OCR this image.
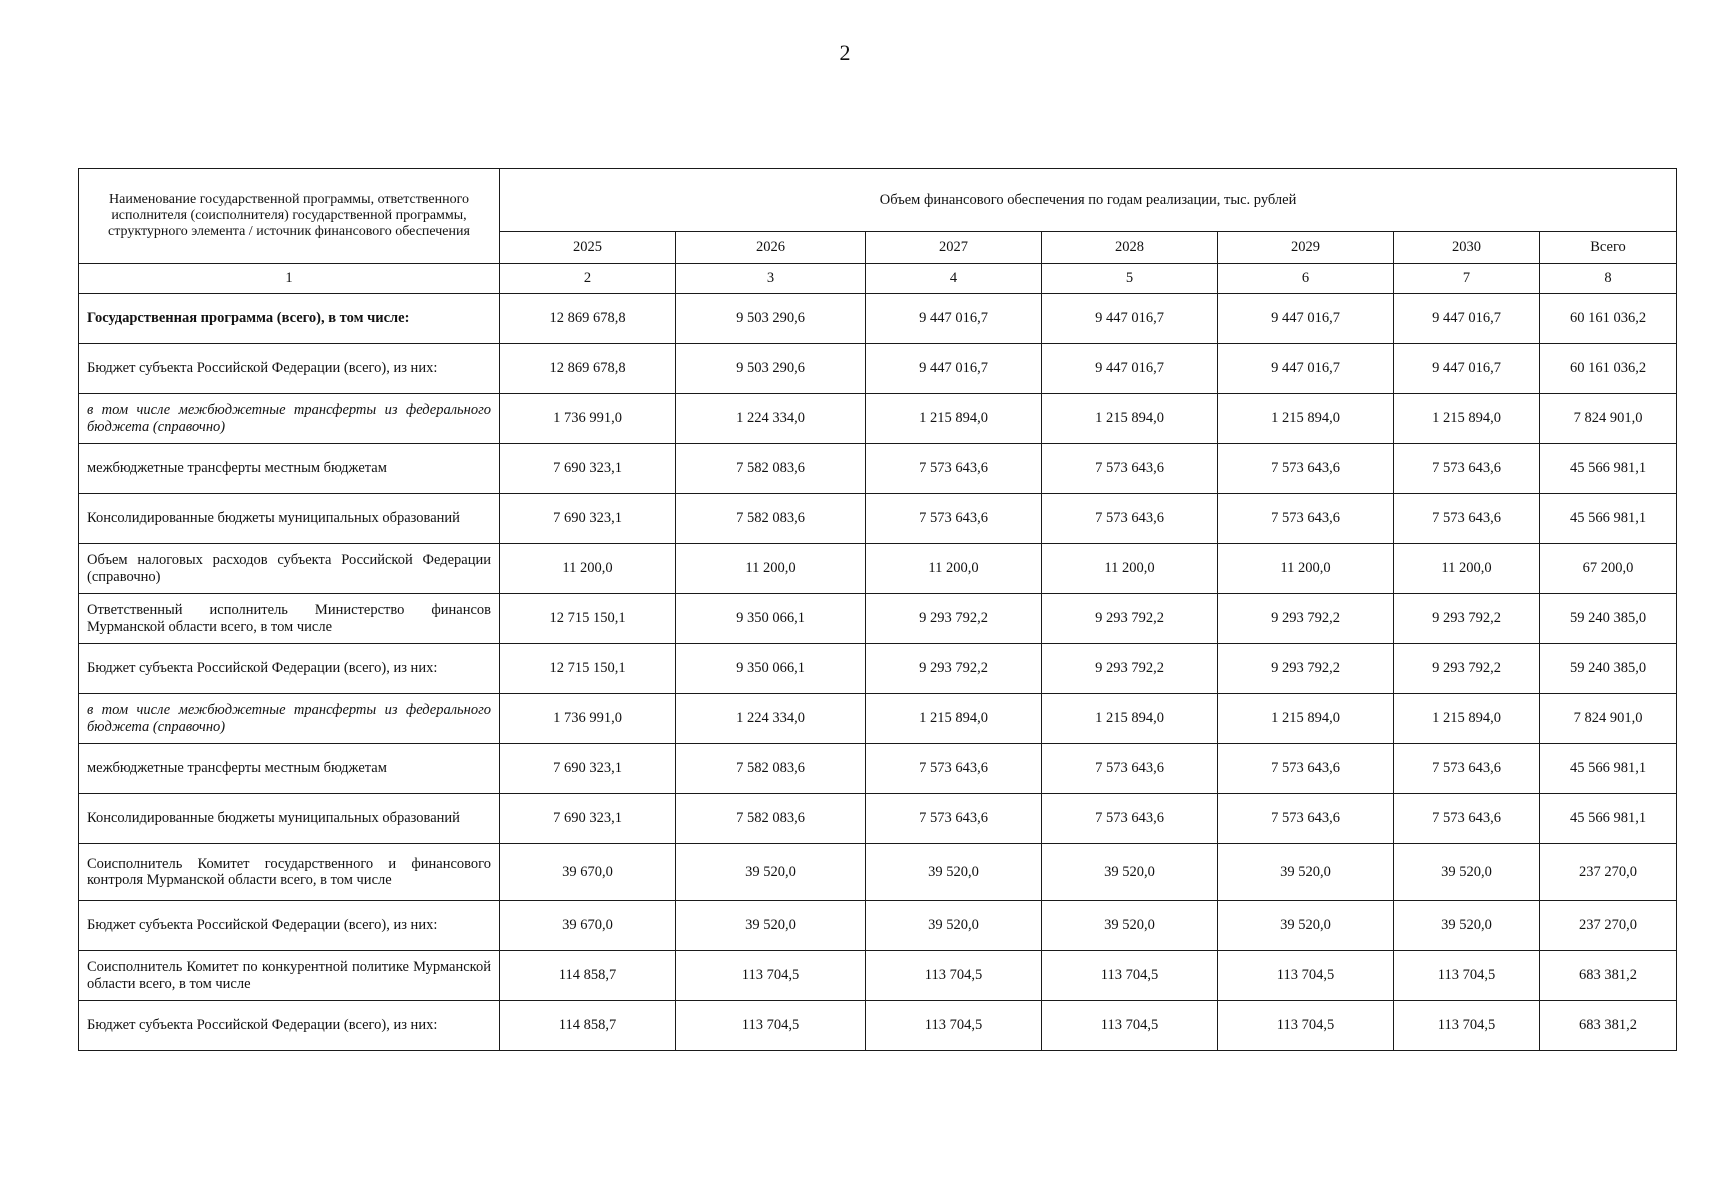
2
Наименование государственной программы, ответственного исполнителя (соисполнителя) государственной программы, структурного элемента / источник финансового обеспечения	Объем финансового обеспечения по годам реализации, тыс. рублей						
	2025	2026	2027	2028	2029	2030	Всего
1	2	3	4	5	6	7	8
Государственная программа (всего), в том числе:	12 869 678,8	9 503 290,6	9 447 016,7	9 447 016,7	9 447 016,7	9 447 016,7	60 161 036,2
Бюджет субъекта Российской Федерации (всего), из них:	12 869 678,8	9 503 290,6	9 447 016,7	9 447 016,7	9 447 016,7	9 447 016,7	60 161 036,2
в том числе межбюджетные трансферты из федерального бюджета (справочно)	1 736 991,0	1 224 334,0	1 215 894,0	1 215 894,0	1 215 894,0	1 215 894,0	7 824 901,0
межбюджетные трансферты местным бюджетам	7 690 323,1	7 582 083,6	7 573 643,6	7 573 643,6	7 573 643,6	7 573 643,6	45 566 981,1
Консолидированные бюджеты муниципальных образований	7 690 323,1	7 582 083,6	7 573 643,6	7 573 643,6	7 573 643,6	7 573 643,6	45 566 981,1
Объем налоговых расходов субъекта Российской Федерации (справочно)	11 200,0	11 200,0	11 200,0	11 200,0	11 200,0	11 200,0	67 200,0
Ответственный исполнитель Министерство финансов Мурманской области всего, в том числе	12 715 150,1	9 350 066,1	9 293 792,2	9 293 792,2	9 293 792,2	9 293 792,2	59 240 385,0
Бюджет субъекта Российской Федерации (всего), из них:	12 715 150,1	9 350 066,1	9 293 792,2	9 293 792,2	9 293 792,2	9 293 792,2	59 240 385,0
в том числе межбюджетные трансферты из федерального бюджета (справочно)	1 736 991,0	1 224 334,0	1 215 894,0	1 215 894,0	1 215 894,0	1 215 894,0	7 824 901,0
межбюджетные трансферты местным бюджетам	7 690 323,1	7 582 083,6	7 573 643,6	7 573 643,6	7 573 643,6	7 573 643,6	45 566 981,1
Консолидированные бюджеты муниципальных образований	7 690 323,1	7 582 083,6	7 573 643,6	7 573 643,6	7 573 643,6	7 573 643,6	45 566 981,1
Соисполнитель Комитет государственного и финансового контроля Мурманской области всего, в том числе	39 670,0	39 520,0	39 520,0	39 520,0	39 520,0	39 520,0	237 270,0
Бюджет субъекта Российской Федерации (всего), из них:	39 670,0	39 520,0	39 520,0	39 520,0	39 520,0	39 520,0	237 270,0
Соисполнитель Комитет по конкурентной политике Мурманской области всего, в том числе	114 858,7	113 704,5	113 704,5	113 704,5	113 704,5	113 704,5	683 381,2
Бюджет субъекта Российской Федерации (всего), из них:	114 858,7	113 704,5	113 704,5	113 704,5	113 704,5	113 704,5	683 381,2
